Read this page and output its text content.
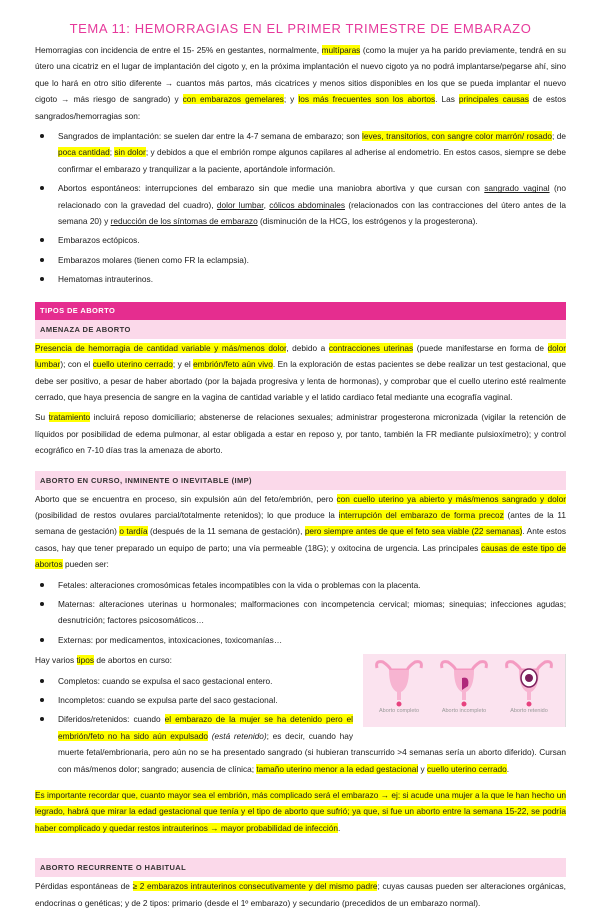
TEMA 11: HEMORRAGIAS EN EL PRIMER TRIMESTRE DE EMBARAZO

Hemorragias con incidencia de entre el 15- 25% en gestantes, normalmente, multíparas (como la mujer ya ha parido previamente, tendrá en su útero una cicatriz en el lugar de implantación del cigoto y, en la próxima implantación el nuevo cigoto ya no podrá implantarse/pegarse ahí, sino que lo hará en otro sitio diferente → cuantos más partos, más cicatrices y menos sitios disponibles en los que se pueda implantar el nuevo cigoto → más riesgo de sangrado) y con embarazos gemelares; y los más frecuentes son los abortos. Las principales causas de estos sangrados/hemorragias son:

Sangrados de implantación: se suelen dar entre la 4-7 semana de embarazo; son leves, transitorios, con sangre color marrón/ rosado; de poca cantidad; sin dolor; y debidos a que el embrión rompe algunos capilares al adherise al endometrio. En estos casos, siempre se debe confirmar el embarazo y tranquilizar a la paciente, aportándole información.
Abortos espontáneos: interrupciones del embarazo sin que medie una maniobra abortiva y que cursan con sangrado vaginal (no relacionado con la gravedad del cuadro), dolor lumbar, cólicos abdominales (relacionados con las contracciones del útero antes de la semana 20) y reducción de los síntomas de embarazo (disminución de la HCG, los estrógenos y la progesterona).
Embarazos ectópicos.
Embarazos molares (tienen como FR la eclampsia).
Hematomas intrauterinos.
TIPOS DE ABORTO
AMENAZA DE ABORTO

Presencia de hemorragia de cantidad variable y más/menos dolor, debido a contracciones uterinas (puede manifestarse en forma de dolor lumbar); con el cuello uterino cerrado; y el embrión/feto aún vivo. En la exploración de estas pacientes se debe realizar un test gestacional, que debe ser positivo, a pesar de haber abortado (por la bajada progresiva y lenta de hormonas), y comprobar que el cuello uterino esté realmente cerrado, que haya presencia de sangre en la vagina de cantidad variable y el latido cardiaco fetal mediante una ecografía vaginal.

Su tratamiento incluirá reposo domiciliario; abstenerse de relaciones sexuales; administrar progesterona micronizada (vigilar la retención de líquidos por posibilidad de edema pulmonar, al estar obligada a estar en reposo y, por tanto, también la FR mediante pulsioxímetro); y control ecográfico en 7-10 días tras la amenaza de aborto.

ABORTO EN CURSO, INMINENTE O INEVITABLE (IMP)

Aborto que se encuentra en proceso, sin expulsión aún del feto/embrión, pero con cuello uterino ya abierto y más/menos sangrado y dolor (posibilidad de restos ovulares parcial/totalmente retenidos); lo que produce la interrupción del embarazo de forma precoz (antes de la 11 semana de gestación) o tardía (después de la 11 semana de gestación), pero siempre antes de que el feto sea viable (22 semanas). Ante estos casos, hay que tener preparado un equipo de parto; una vía permeable (18G); y oxitocina de urgencia. Las principales causas de este tipo de abortos pueden ser:

Fetales: alteraciones cromosómicas fetales incompatibles con la vida o problemas con la placenta.
Maternas: alteraciones uterinas u hormonales; malformaciones con incompetencia cervical; miomas; sinequias; infecciones agudas; desnutrición; factores psicosomáticos…
Externas: por medicamentos, intoxicaciones, toxicomanías…
Aborto completo	Aborto incompleto	Aborto retenido

Hay varios tipos de abortos en curso:

Completos: cuando se expulsa el saco gestacional entero.
Incompletos: cuando se expulsa parte del saco gestacional.
Diferidos/retenidos: cuando el embarazo de la mujer se ha detenido pero el embrión/feto no ha sido aún expulsado (está retenido); es decir, cuando hay muerte fetal/embrionaria, pero aún no se ha presentado sangrado (si hubieran transcurrido >4 semanas sería un aborto diferido). Cursan con más/menos dolor; sangrado; ausencia de clínica; tamaño uterino menor a la edad gestacional y cuello uterino cerrado.

Es importante recordar que, cuanto mayor sea el embrión, más complicado será el embarazo → ej: si acude una mujer a la que le han hecho un legrado, habrá que mirar la edad gestacional que tenía y el tipo de aborto que sufrió; ya que, si fue un aborto entre la semana 15-22, se podría haber complicado y quedar restos intrauterinos → mayor probabilidad de infección.

ABORTO RECURRENTE O HABITUAL

Pérdidas espontáneas de ≥ 2 embarazos intrauterinos consecutivamente y del mismo padre; cuyas causas pueden ser alteraciones orgánicas, endocrinas o genéticas; y de 2 tipos: primario (desde el 1º embarazo) y secundario (precedidos de un embarazo normal).
